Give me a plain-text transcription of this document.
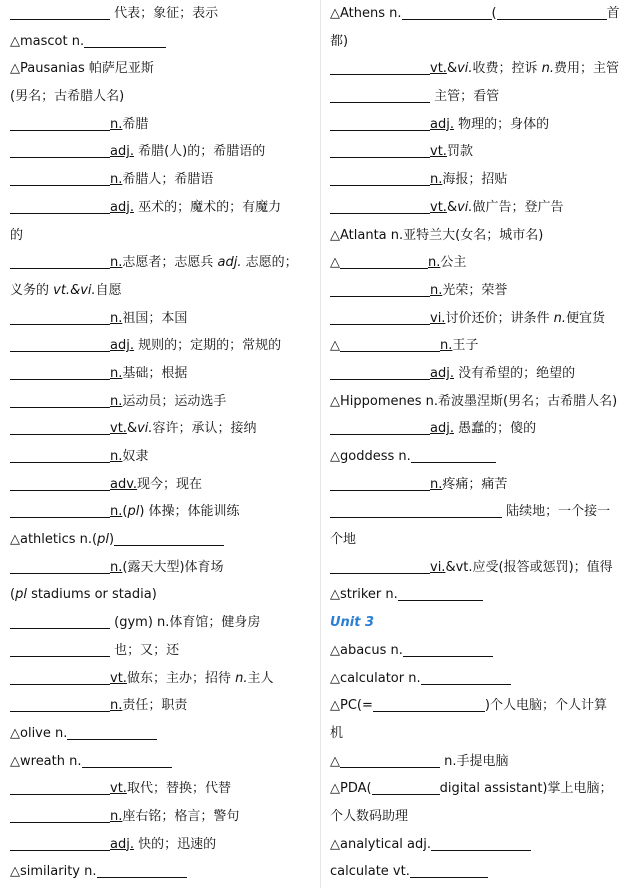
代表；象征；表示
△mascot n.
△Pausanias 帕萨尼亚斯
(男名；古希腊人名)
n.希腊
adj. 希腊(人)的；希腊语的
n.希腊人；希腊语
adj. 巫术的；魔术的；有魔力
的
n.志愿者；志愿兵 adj. 志愿的；
义务的 vt.&vi.自愿
n.祖国；本国
adj. 规则的；定期的；常规的
n.基础；根据
n.运动员；运动选手
vt.&vi.容许；承认；接纳
n.奴隶
adv.现今；现在
n.(pl) 体操；体能训练
△athletics n.(pl)
n.(露天大型)体育场
(pl stadiums or stadia)
(gym) n.体育馆；健身房
也；又；还
vt.做东；主办；招待 n.主人
n.责任；职责
△olive n.
△wreath n.
vt.取代；替换；代替
n.座右铭；格言；警句
adj. 快的；迅速的
△similarity n.
△Athens n.	(	首
都)
vt.&vi.收费；控诉 n.费用；主管
主管；看管
adj. 物理的；身体的
vt.罚款
n.海报；招贴
vt.&vi.做广告；登广告
△Atlanta n.亚特兰大(女名；城市名)
△	n.公主
n.光荣；荣誉
vi.讨价还价；讲条件 n.便宜货
△	n.王子
adj. 没有希望的；绝望的
△Hippomenes n.希波墨涅斯(男名；古希腊人名)
adj. 愚蠢的；傻的
△goddess n.
n.疼痛；痛苦
陆续地；一个接一
个地
vi.&vt.应受(报答或惩罚)；值得
△striker n.
Unit 3
△abacus n.
△calculator n.
△PC(=	)个人电脑；个人计算
机
△	n.手提电脑
△PDA(	digital assistant)掌上电脑；
个人数码助理
△analytical adj.
calculate vt.
